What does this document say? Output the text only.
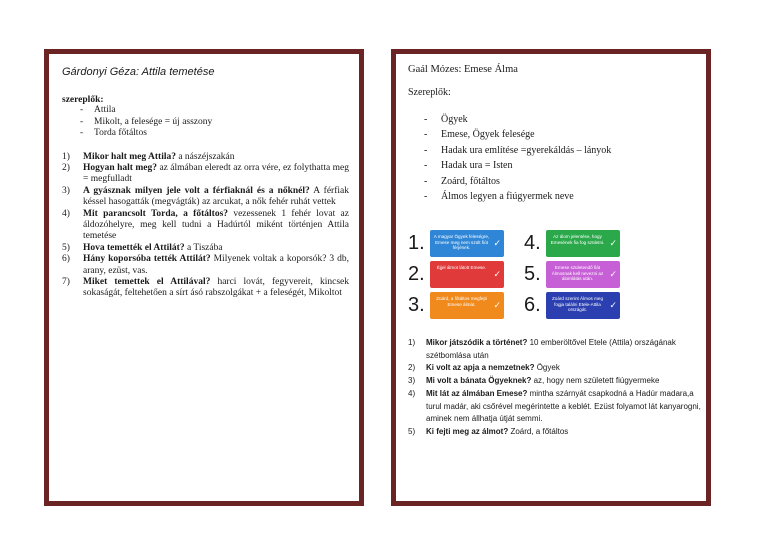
Gárdonyi Géza: Attila temetése
szereplők:
- Attila
- Mikolt, a felesége = új asszony
- Torda főtáltos
1) Mikor halt meg Attila? a nászéjszakán
2) Hogyan halt meg? az álmában eleredt az orra vére, ez folythatta meg = megfulladt
3) A gyásznak milyen jele volt a férfiaknál és a nőknél? A férfiak késsel hasogatták (megvágták) az arcukat, a nők fehér ruhát vettek
4) Mit parancsolt Torda, a főtáltos? vezessenek 1 fehér lovat az áldozóhelyre, meg kell tudni a Hadúrtól miként történjen Attila temetése
5) Hova temették el Attilát? a Tiszába
6) Hány koporsóba tették Attilát? Milyenek voltak a koporsók? 3 db, arany, ezüst, vas.
7) Miket temettek el Attilával? harci lovát, fegyvereit, kincsek sokaságát, feltehetően a sírt ásó rabszolgákat + a feleségét, Mikoltot
Gaál Mózes: Emese Álma
Szereplők:
- Ögyek
- Emese, Ögyek felesége
- Hadak ura említése =gyerekáldás – lányok
- Hadak ura = Isten
- Zoárd, főtáltos
- Álmos legyen a fiúgyermek neve
1.	A magyar Ögyek feleségre, Emese meg nem szült fiút férjének.	✓ 4.	Az álom jelentése, hogy Emesének fia fog születni. ✓
2.	Éjjel álmot látott Emese.
✓ 5.	Emese születendő fiát Álmosnak kell nevezni az álomlátás után. ✓
3.	Zoárd, a főtáltos megfejti Emese álmát. ✓ 6.	Zoárd szerint Álmos meg fogja találni Etele-Attila országát.	✓
1) Mikor játszódik a történet? 10 emberöltővel Etele (Attila) országának szétbomlása után
2) Ki volt az apja a nemzetnek? Ögyek
3) Mi volt a bánata Ögyeknek? az, hogy nem született fiúgyermeke
4) Mit lát az álmában Emese? mintha szárnyát csapkodná a Hadúr madara,a turul madár, aki csőrével megérintette a keblét. Ezüst folyamot lát kanyarogni, aminek nem állhatja útját semmi.
5) Ki fejti meg az álmot? Zoárd, a főtáltos
